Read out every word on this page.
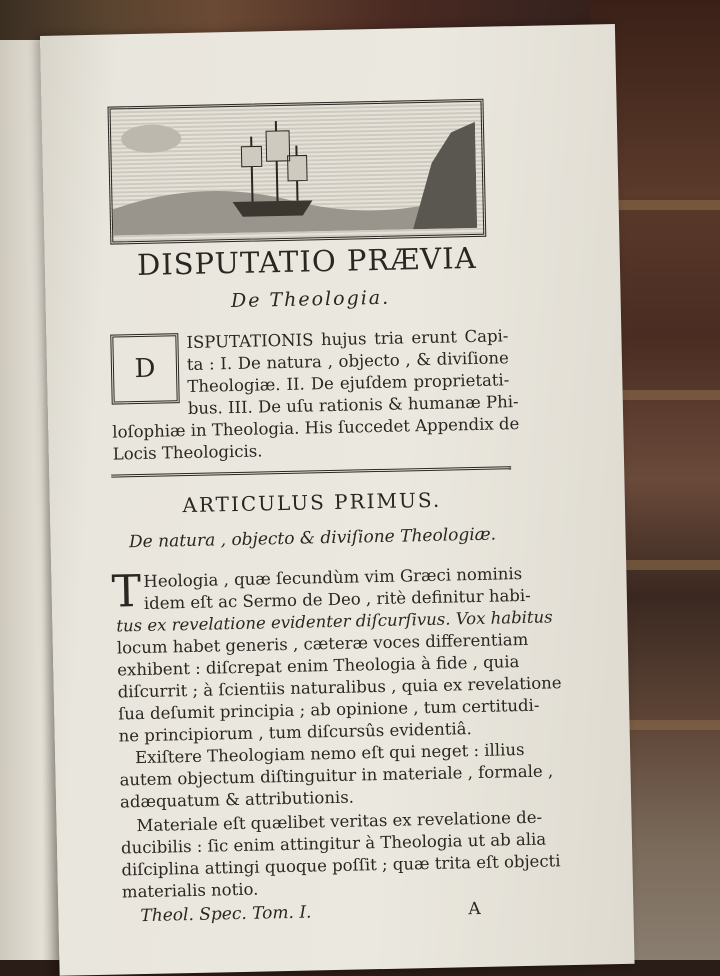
DISPUTATIO PRÆVIA
De Theologia.
D
ISPUTATIONIS hujus tria erunt Capi-
ta : I. De natura , objecto , & diviſione
Theologiæ. II. De ejuſdem proprietati-
bus. III. De uſu rationis & humanæ Phi-
loſophiæ in Theologia. His ſuccedet Appendix de
Locis Theologicis.
ARTICULUS PRIMUS.
De natura , objecto & diviſione Theologiæ.
T Heologia , quæ ſecundùm vim Græci nominis
idem eſt ac Sermo de Deo , ritè definitur habi-
tus ex revelatione evidenter diſcurſivus. Vox habitus
locum habet generis , cæteræ voces differentiam
exhibent : diſcrepat enim Theologia à fide , quia
diſcurrit ; à ſcientiis naturalibus , quia ex revelatione
ſua deſumit principia ; ab opinione , tum certitudi-
ne principiorum , tum diſcursûs evidentiâ.
Exiſtere Theologiam nemo eſt qui neget : illius
autem objectum diſtinguitur in materiale , formale ,
adæquatum & attributionis.
Materiale eſt quælibet veritas ex revelatione de-
ducibilis : ſic enim attingitur à Theologia ut ab alia
diſciplina attingi quoque poſſit ; quæ trita eſt objecti
materialis notio.
Theol. Spec. Tom. I.	A
